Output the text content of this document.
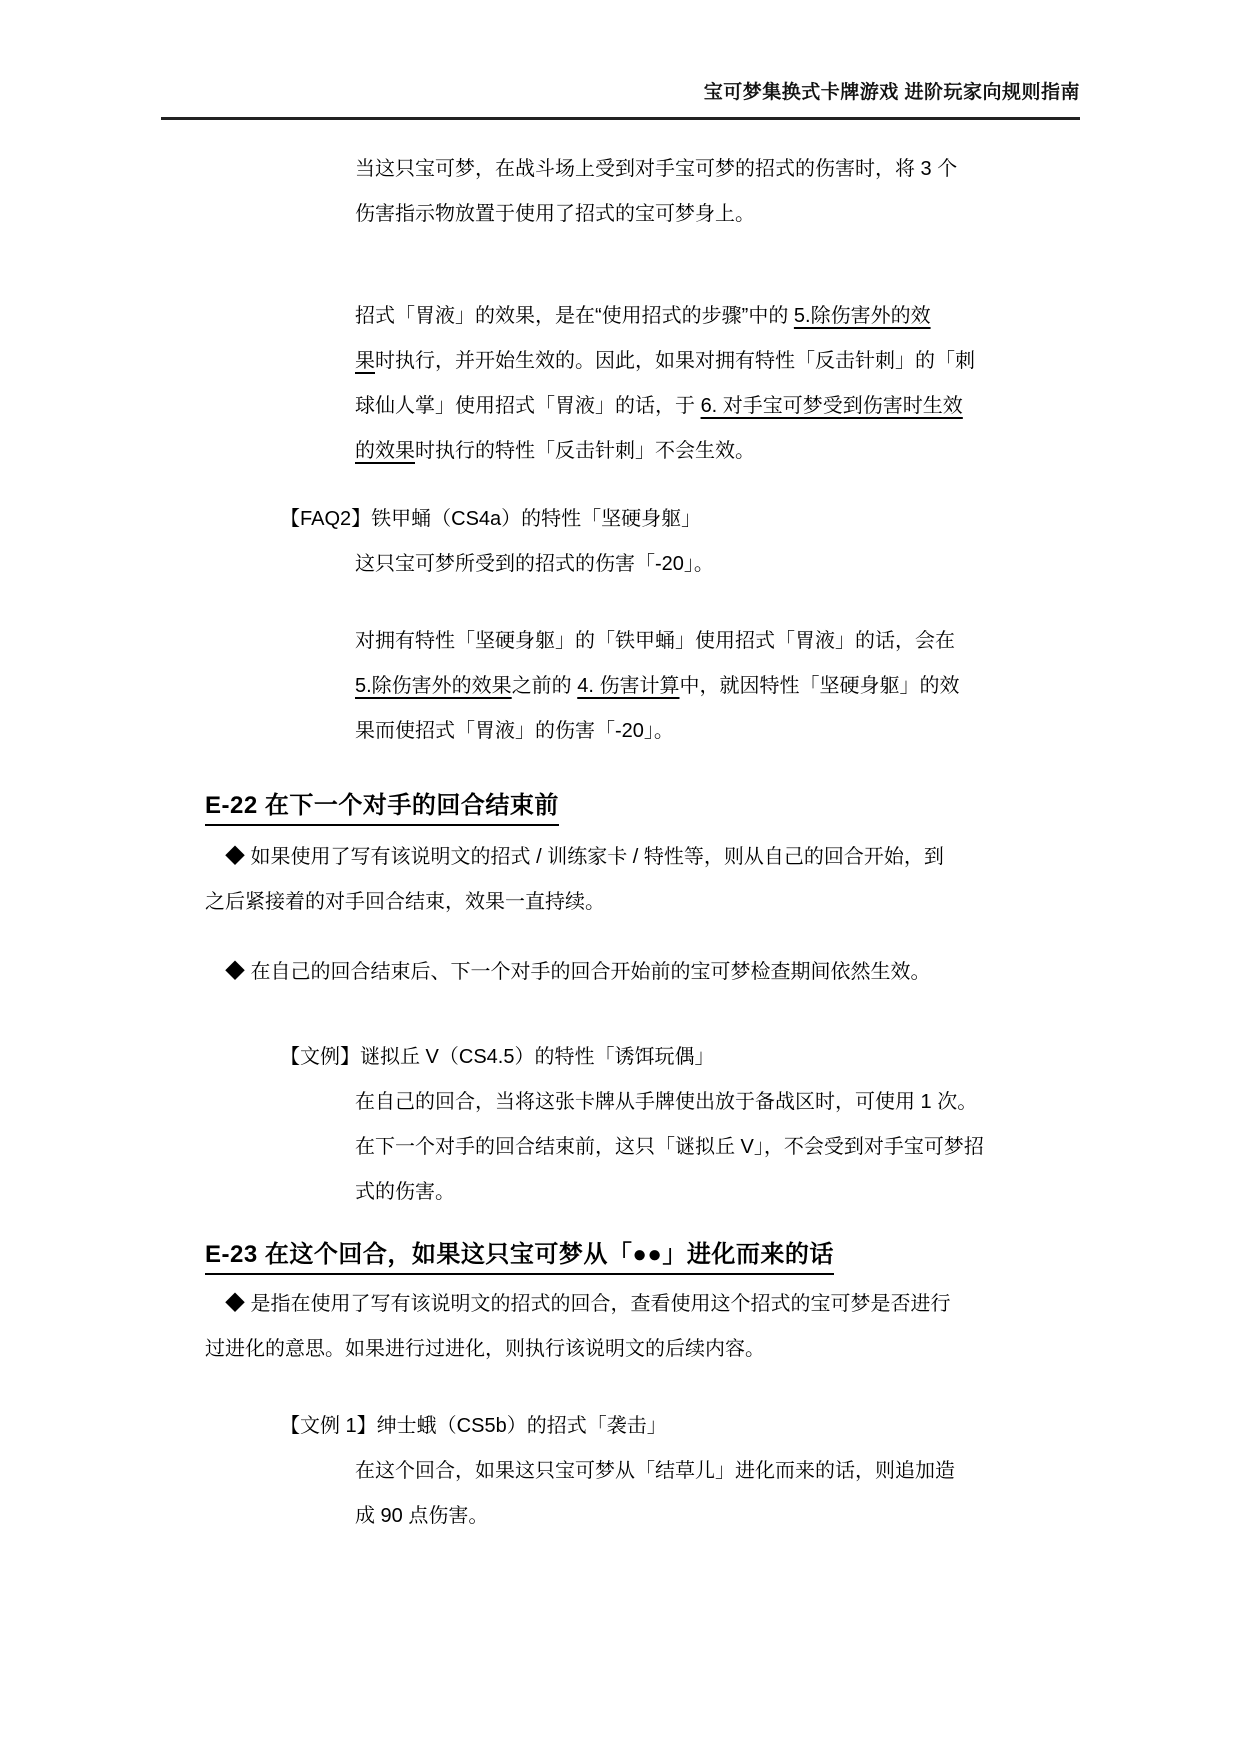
宝可梦集换式卡牌游戏 进阶玩家向规则指南
当这只宝可梦，在战斗场上受到对手宝可梦的招式的伤害时，将 3 个
伤害指示物放置于使用了招式的宝可梦身上。
招式「胃液」的效果，是在“使用招式的步骤”中的 5.除伤害外的效
果时执行，并开始生效的。因此，如果对拥有特性「反击针刺」的「刺
球仙人掌」使用招式「胃液」的话，于 6. 对手宝可梦受到伤害时生效
的效果时执行的特性「反击针刺」不会生效。
【FAQ2】铁甲蛹（CS4a）的特性「坚硬身躯」
这只宝可梦所受到的招式的伤害「-20」。
对拥有特性「坚硬身躯」的「铁甲蛹」使用招式「胃液」的话，会在
5.除伤害外的效果之前的 4. 伤害计算中，就因特性「坚硬身躯」的效
果而使招式「胃液」的伤害「-20」。
E-22 在下一个对手的回合结束前
◆ 如果使用了写有该说明文的招式 / 训练家卡 / 特性等，则从自己的回合开始，到
之后紧接着的对手回合结束，效果一直持续。
◆ 在自己的回合结束后、下一个对手的回合开始前的宝可梦检查期间依然生效。
【文例】谜拟丘 V（CS4.5）的特性「诱饵玩偶」
在自己的回合，当将这张卡牌从手牌使出放于备战区时，可使用 1 次。
在下一个对手的回合结束前，这只「谜拟丘 V」，不会受到对手宝可梦招
式的伤害。
E-23 在这个回合，如果这只宝可梦从「●●」进化而来的话
◆ 是指在使用了写有该说明文的招式的回合，查看使用这个招式的宝可梦是否进行
过进化的意思。如果进行过进化，则执行该说明文的后续内容。
【文例 1】绅士蛾（CS5b）的招式「袭击」
在这个回合，如果这只宝可梦从「结草儿」进化而来的话，则追加造
成 90 点伤害。
